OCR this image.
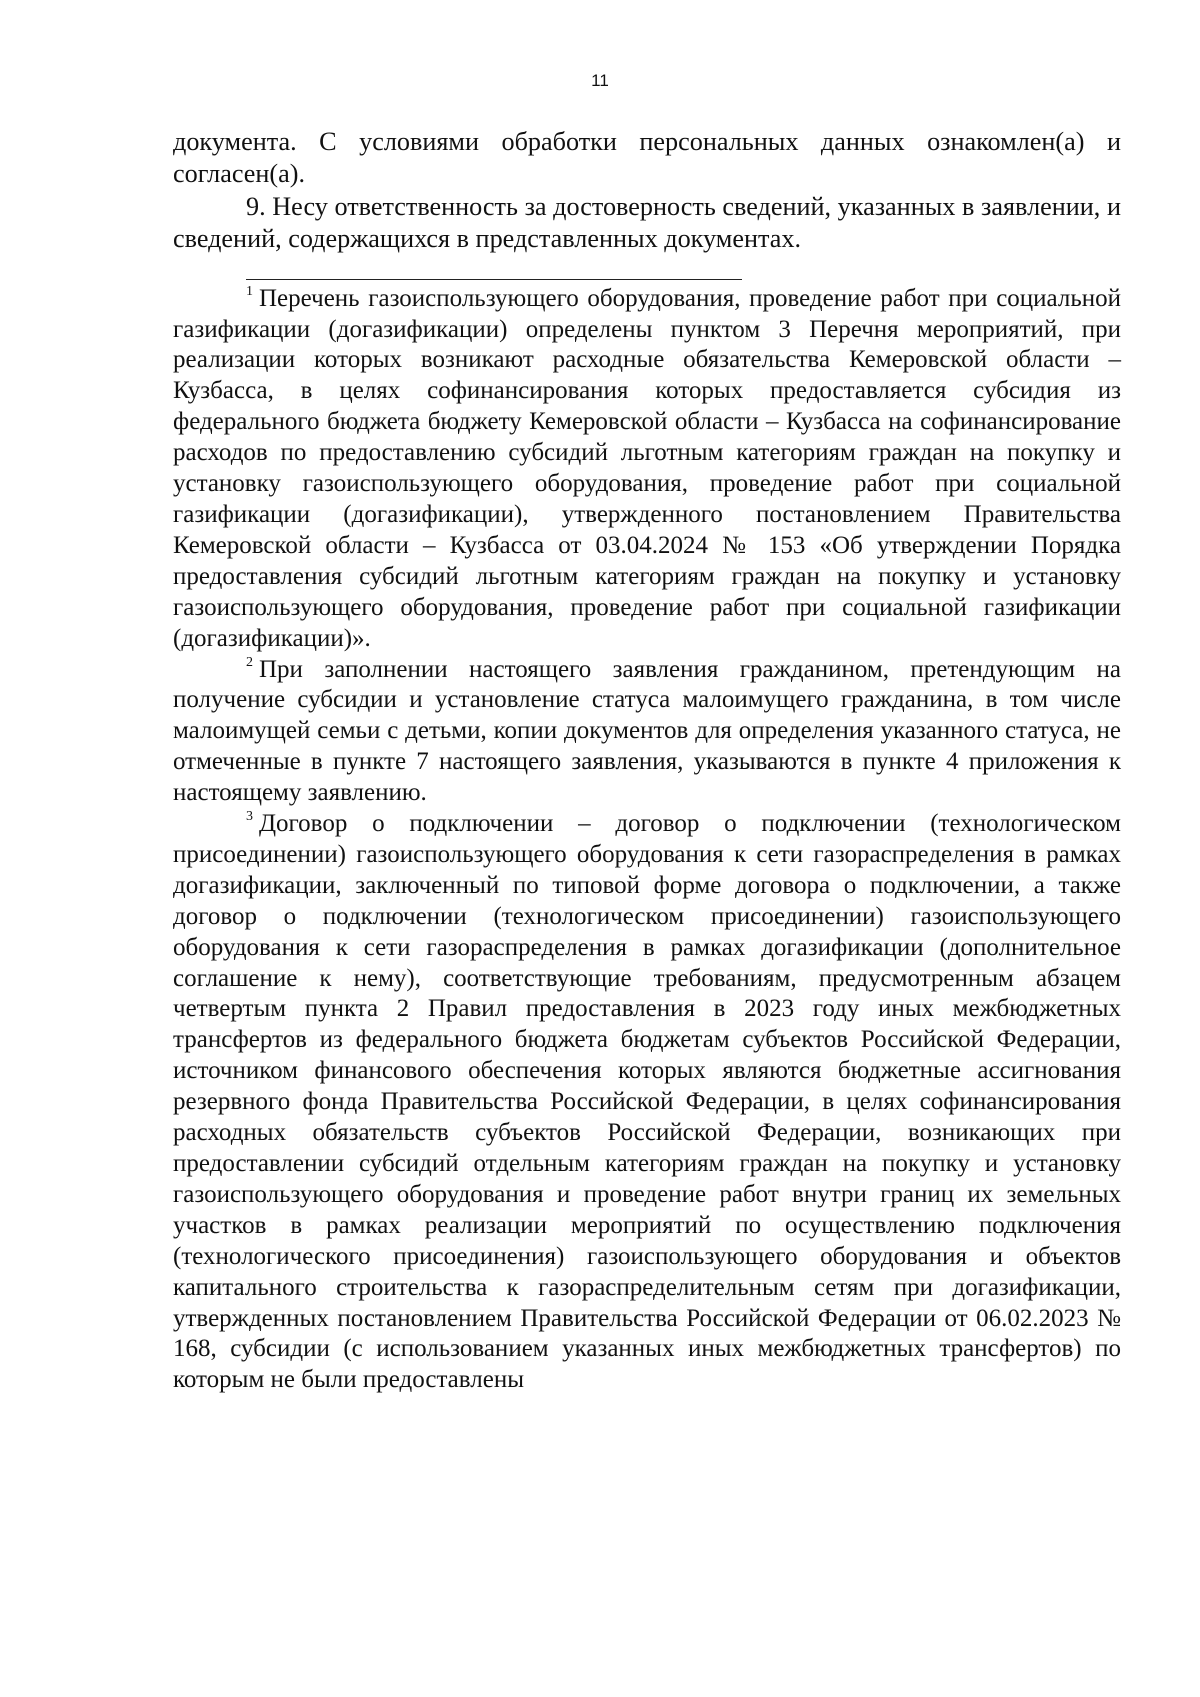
11

документа. С условиями обработки персональных данных ознакомлен(а) и согласен(а).

9. Несу ответственность за достоверность сведений, указанных в заявлении, и сведений, содержащихся в представленных документах.

$^1$ Перечень газоиспользующего оборудования, проведение работ при социальной газификации (догазификации) определены пунктом 3 Перечня мероприятий, при реализации которых возникают расходные обязательства Кемеровской области – Кузбасса, в целях софинансирования которых предоставляется субсидия из федерального бюджета бюджету Кемеровской области – Кузбасса на софинансирование расходов по предоставлению субсидий льготным категориям граждан на покупку и установку газоиспользующего оборудования, проведение работ при социальной газификации (догазификации), утвержденного постановлением Правительства Кемеровской области – Кузбасса от 03.04.2024 № 153 «Об утверждении Порядка предоставления субсидий льготным категориям граждан на покупку и установку газоиспользующего оборудования, проведение работ при социальной газификации (догазификации)».

$^2$ При заполнении настоящего заявления гражданином, претендующим на получение субсидии и установление статуса малоимущего гражданина, в том числе малоимущей семьи с детьми, копии документов для определения указанного статуса, не отмеченные в пункте 7 настоящего заявления, указываются в пункте 4 приложения к настоящему заявлению.

$^3$ Договор о подключении – договор о подключении (технологическом присоединении) газоиспользующего оборудования к сети газораспределения в рамках догазификации, заключенный по типовой форме договора о подключении, а также договор о подключении (технологическом присоединении) газоиспользующего оборудования к сети газораспределения в рамках догазификации (дополнительное соглашение к нему), соответствующие требованиям, предусмотренным абзацем четвертым пункта 2 Правил предоставления в 2023 году иных межбюджетных трансфертов из федерального бюджета бюджетам субъектов Российской Федерации, источником финансового обеспечения которых являются бюджетные ассигнования резервного фонда Правительства Российской Федерации, в целях софинансирования расходных обязательств субъектов Российской Федерации, возникающих при предоставлении субсидий отдельным категориям граждан на покупку и установку газоиспользующего оборудования и проведение работ внутри границ их земельных участков в рамках реализации мероприятий по осуществлению подключения (технологического присоединения) газоиспользующего оборудования и объектов капитального строительства к газораспределительным сетям при догазификации, утвержденных постановлением Правительства Российской Федерации от 06.02.2023 № 168, субсидии (с использованием указанных иных межбюджетных трансфертов) по которым не были предоставлены
